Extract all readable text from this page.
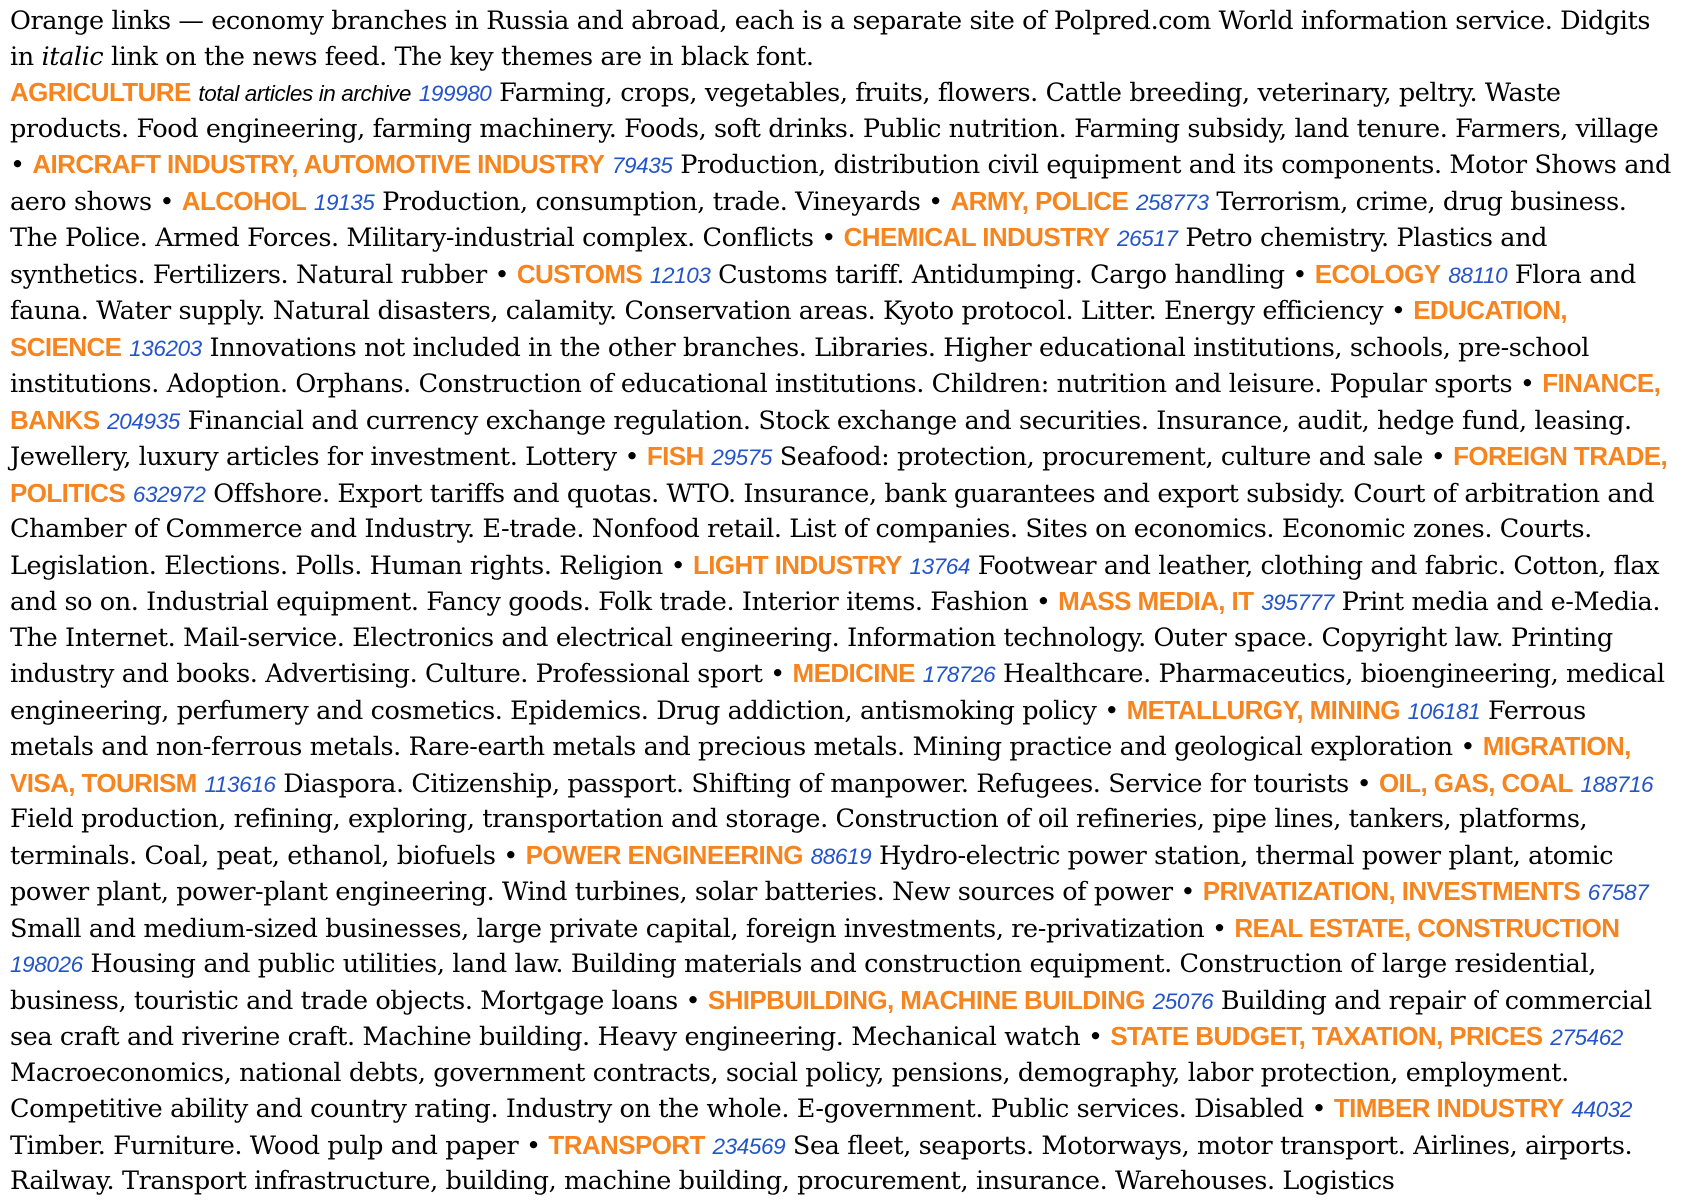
Orange links — economy branches in Russia and abroad, each is a separate site of Polpred.com World information service. Didgits in italic link on the news feed. The key themes are in black font.
AGRICULTURE total articles in archive 199980 Farming, crops, vegetables, fruits, flowers. Cattle breeding, veterinary, peltry. Waste products. Food engineering, farming machinery. Foods, soft drinks. Public nutrition. Farming subsidy, land tenure. Farmers, village • AIRCRAFT INDUSTRY, AUTOMOTIVE INDUSTRY 79435 Production, distribution civil equipment and its components. Motor Shows and aero shows • ALCOHOL 19135 Production, consumption, trade. Vineyards • ARMY, POLICE 258773 Terrorism, crime, drug business. The Police. Armed Forces. Military-industrial complex. Conflicts • CHEMICAL INDUSTRY 26517 Petro chemistry. Plastics and synthetics. Fertilizers. Natural rubber • CUSTOMS 12103 Customs tariff. Antidumping. Cargo handling • ECOLOGY 88110 Flora and fauna. Water supply. Natural disasters, calamity. Conservation areas. Kyoto protocol. Litter. Energy efficiency • EDUCATION, SCIENCE 136203 Innovations not included in the other branches. Libraries. Higher educational institutions, schools, pre-school institutions. Adoption. Orphans. Construction of educational institutions. Children: nutrition and leisure. Popular sports • FINANCE, BANKS 204935 Financial and currency exchange regulation. Stock exchange and securities. Insurance, audit, hedge fund, leasing. Jewellery, luxury articles for investment. Lottery • FISH 29575 Seafood: protection, procurement, culture and sale • FOREIGN TRADE, POLITICS 632972 Offshore. Export tariffs and quotas. WTO. Insurance, bank guarantees and export subsidy. Court of arbitration and Chamber of Commerce and Industry. E-trade. Nonfood retail. List of companies. Sites on economics. Economic zones. Courts. Legislation. Elections. Polls. Human rights. Religion • LIGHT INDUSTRY 13764 Footwear and leather, clothing and fabric. Cotton, flax and so on. Industrial equipment. Fancy goods. Folk trade. Interior items. Fashion • MASS MEDIA, IT 395777 Print media and e-Media. The Internet. Mail-service. Electronics and electrical engineering. Information technology. Outer space. Copyright law. Printing industry and books. Advertising. Culture. Professional sport • MEDICINE 178726 Healthcare. Pharmaceutics, bioengineering, medical engineering, perfumery and cosmetics. Epidemics. Drug addiction, antismoking policy • METALLURGY, MINING 106181 Ferrous metals and non-ferrous metals. Rare-earth metals and precious metals. Mining practice and geological exploration • MIGRATION, VISA, TOURISM 113616 Diaspora. Citizenship, passport. Shifting of manpower. Refugees. Service for tourists • OIL, GAS, COAL 188716 Field production, refining, exploring, transportation and storage. Construction of oil refineries, pipe lines, tankers, platforms, terminals. Coal, peat, ethanol, biofuels • POWER ENGINEERING 88619 Hydro-electric power station, thermal power plant, atomic power plant, power-plant engineering. Wind turbines, solar batteries. New sources of power • PRIVATIZATION, INVESTMENTS 67587 Small and medium-sized businesses, large private capital, foreign investments, re-privatization • REAL ESTATE, CONSTRUCTION 198026 Housing and public utilities, land law. Building materials and construction equipment. Construction of large residential, business, touristic and trade objects. Mortgage loans • SHIPBUILDING, MACHINE BUILDING 25076 Building and repair of commercial sea craft and riverine craft. Machine building. Heavy engineering. Mechanical watch • STATE BUDGET, TAXATION, PRICES 275462 Macroeconomics, national debts, government contracts, social policy, pensions, demography, labor protection, employment. Competitive ability and country rating. Industry on the whole. E-government. Public services. Disabled • TIMBER INDUSTRY 44032 Timber. Furniture. Wood pulp and paper • TRANSPORT 234569 Sea fleet, seaports. Motorways, motor transport. Airlines, airports. Railway. Transport infrastructure, building, machine building, procurement, insurance. Warehouses. Logistics
